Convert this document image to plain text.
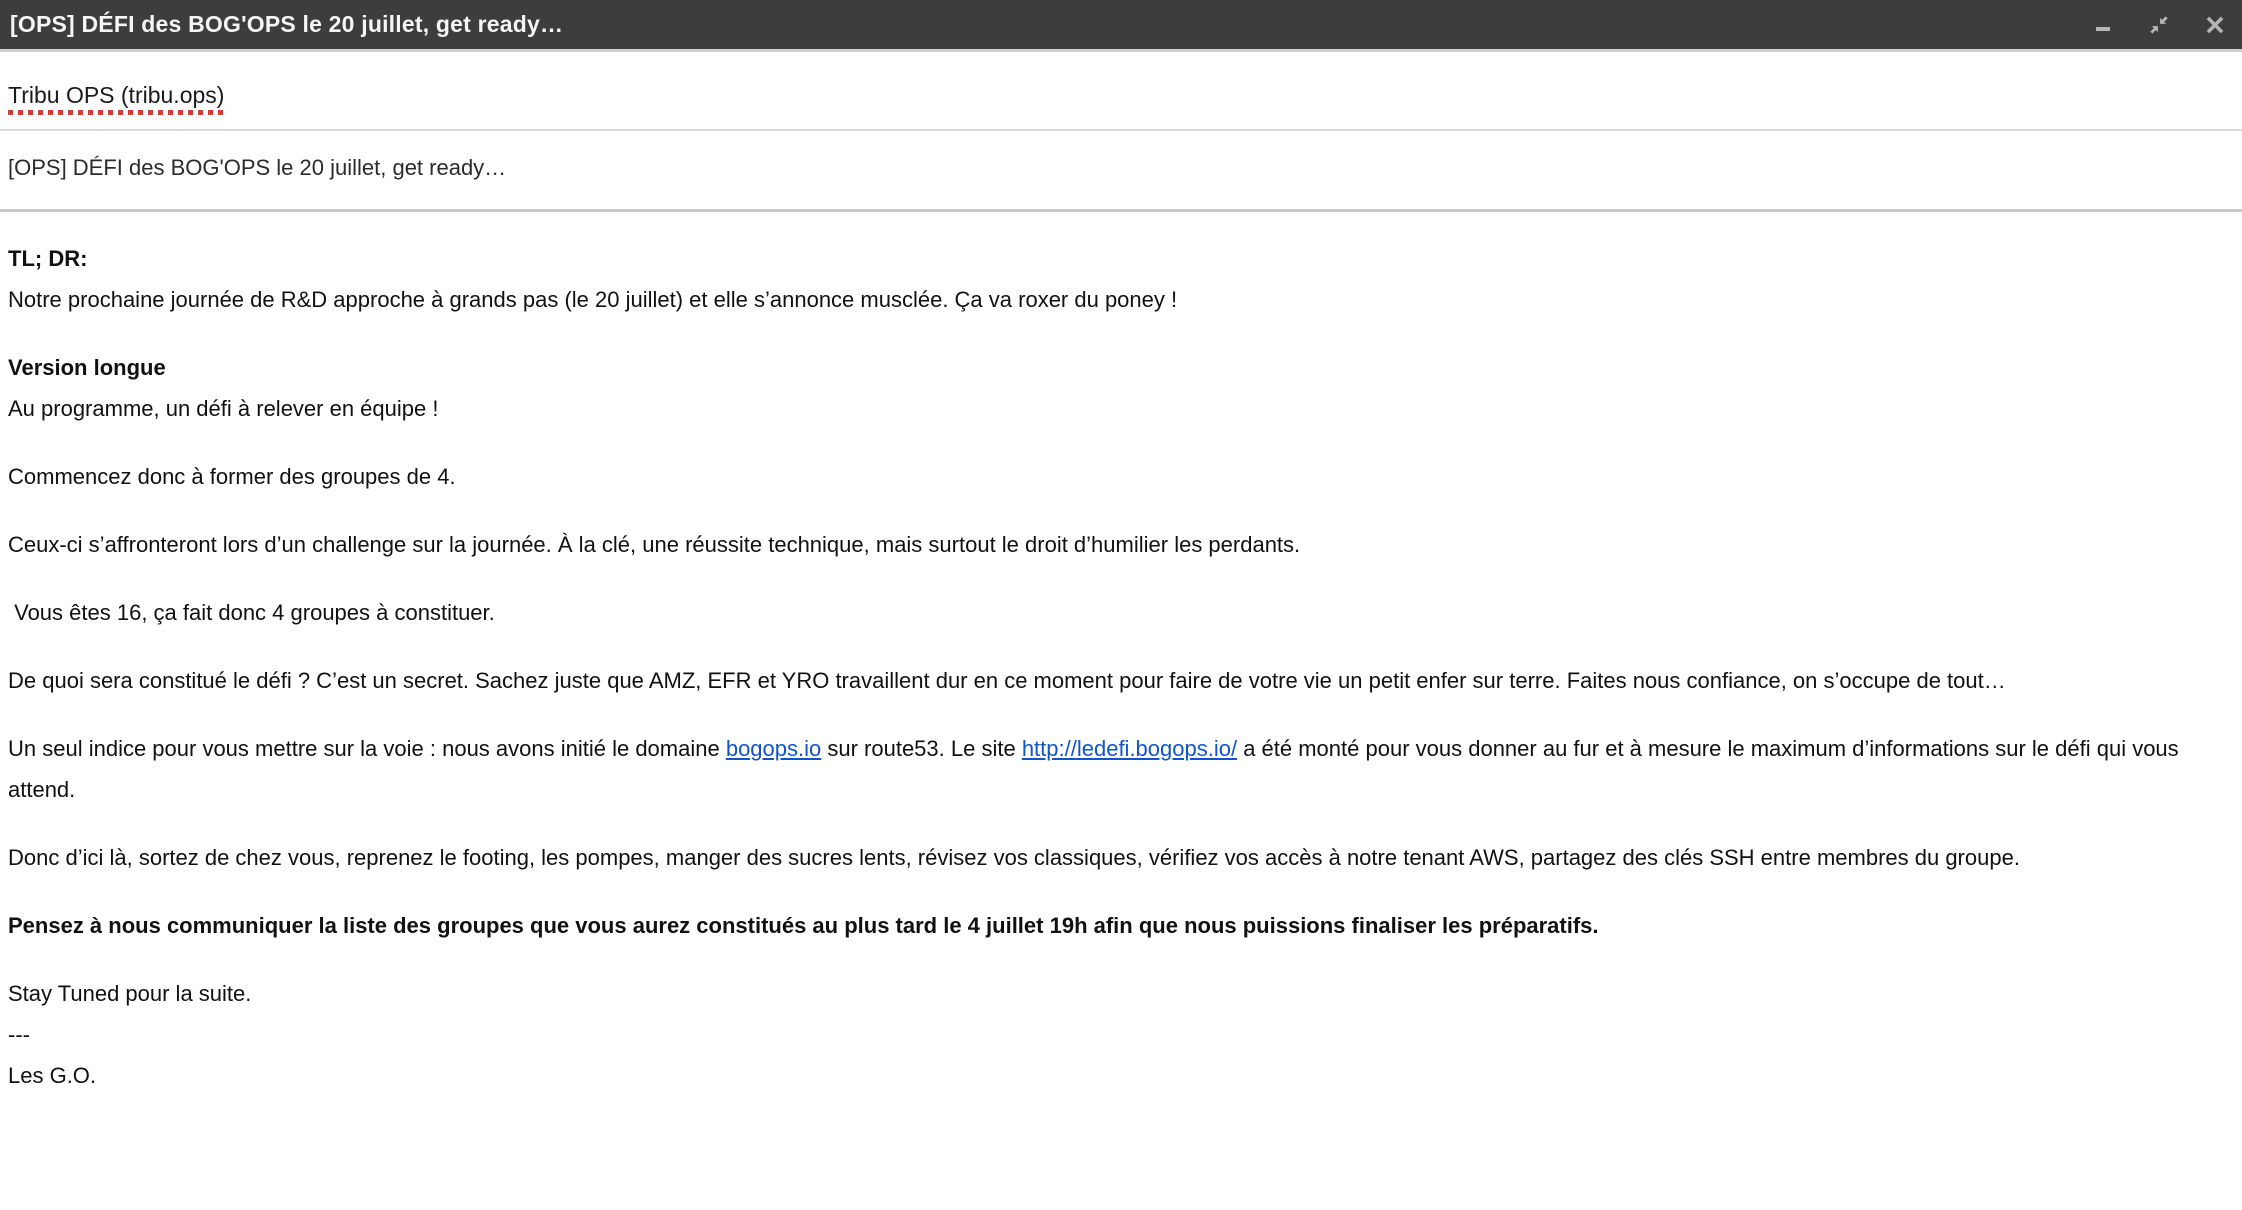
[OPS] DÉFI des BOG'OPS le 20 juillet, get ready…
Tribu OPS (tribu.ops)
[OPS] DÉFI des BOG'OPS le 20 juillet, get ready…

TL; DR:
Notre prochaine journée de R&D approche à grands pas (le 20 juillet) et elle s’annonce musclée. Ça va roxer du poney !

Version longue
Au programme, un défi à relever en équipe !

Commencez donc à former des groupes de 4.

Ceux-ci s’affronteront lors d’un challenge sur la journée. À la clé, une réussite technique, mais surtout le droit d’humilier les perdants.

Vous êtes 16, ça fait donc 4 groupes à constituer.

De quoi sera constitué le défi ? C’est un secret. Sachez juste que AMZ, EFR et YRO travaillent dur en ce moment pour faire de votre vie un petit enfer sur terre. Faites nous confiance, on s’occupe de tout…

Un seul indice pour vous mettre sur la voie : nous avons initié le domaine bogops.io sur route53. Le site http://ledefi.bogops.io/ a été monté pour vous donner au fur et à mesure le maximum d’informations sur le défi qui vous attend.

Donc d’ici là, sortez de chez vous, reprenez le footing, les pompes, manger des sucres lents, révisez vos classiques, vérifiez vos accès à notre tenant AWS, partagez des clés SSH entre membres du groupe.

Pensez à nous communiquer la liste des groupes que vous aurez constitués au plus tard le 4 juillet 19h afin que nous puissions finaliser les préparatifs.

Stay Tuned pour la suite.
---
Les G.O.
